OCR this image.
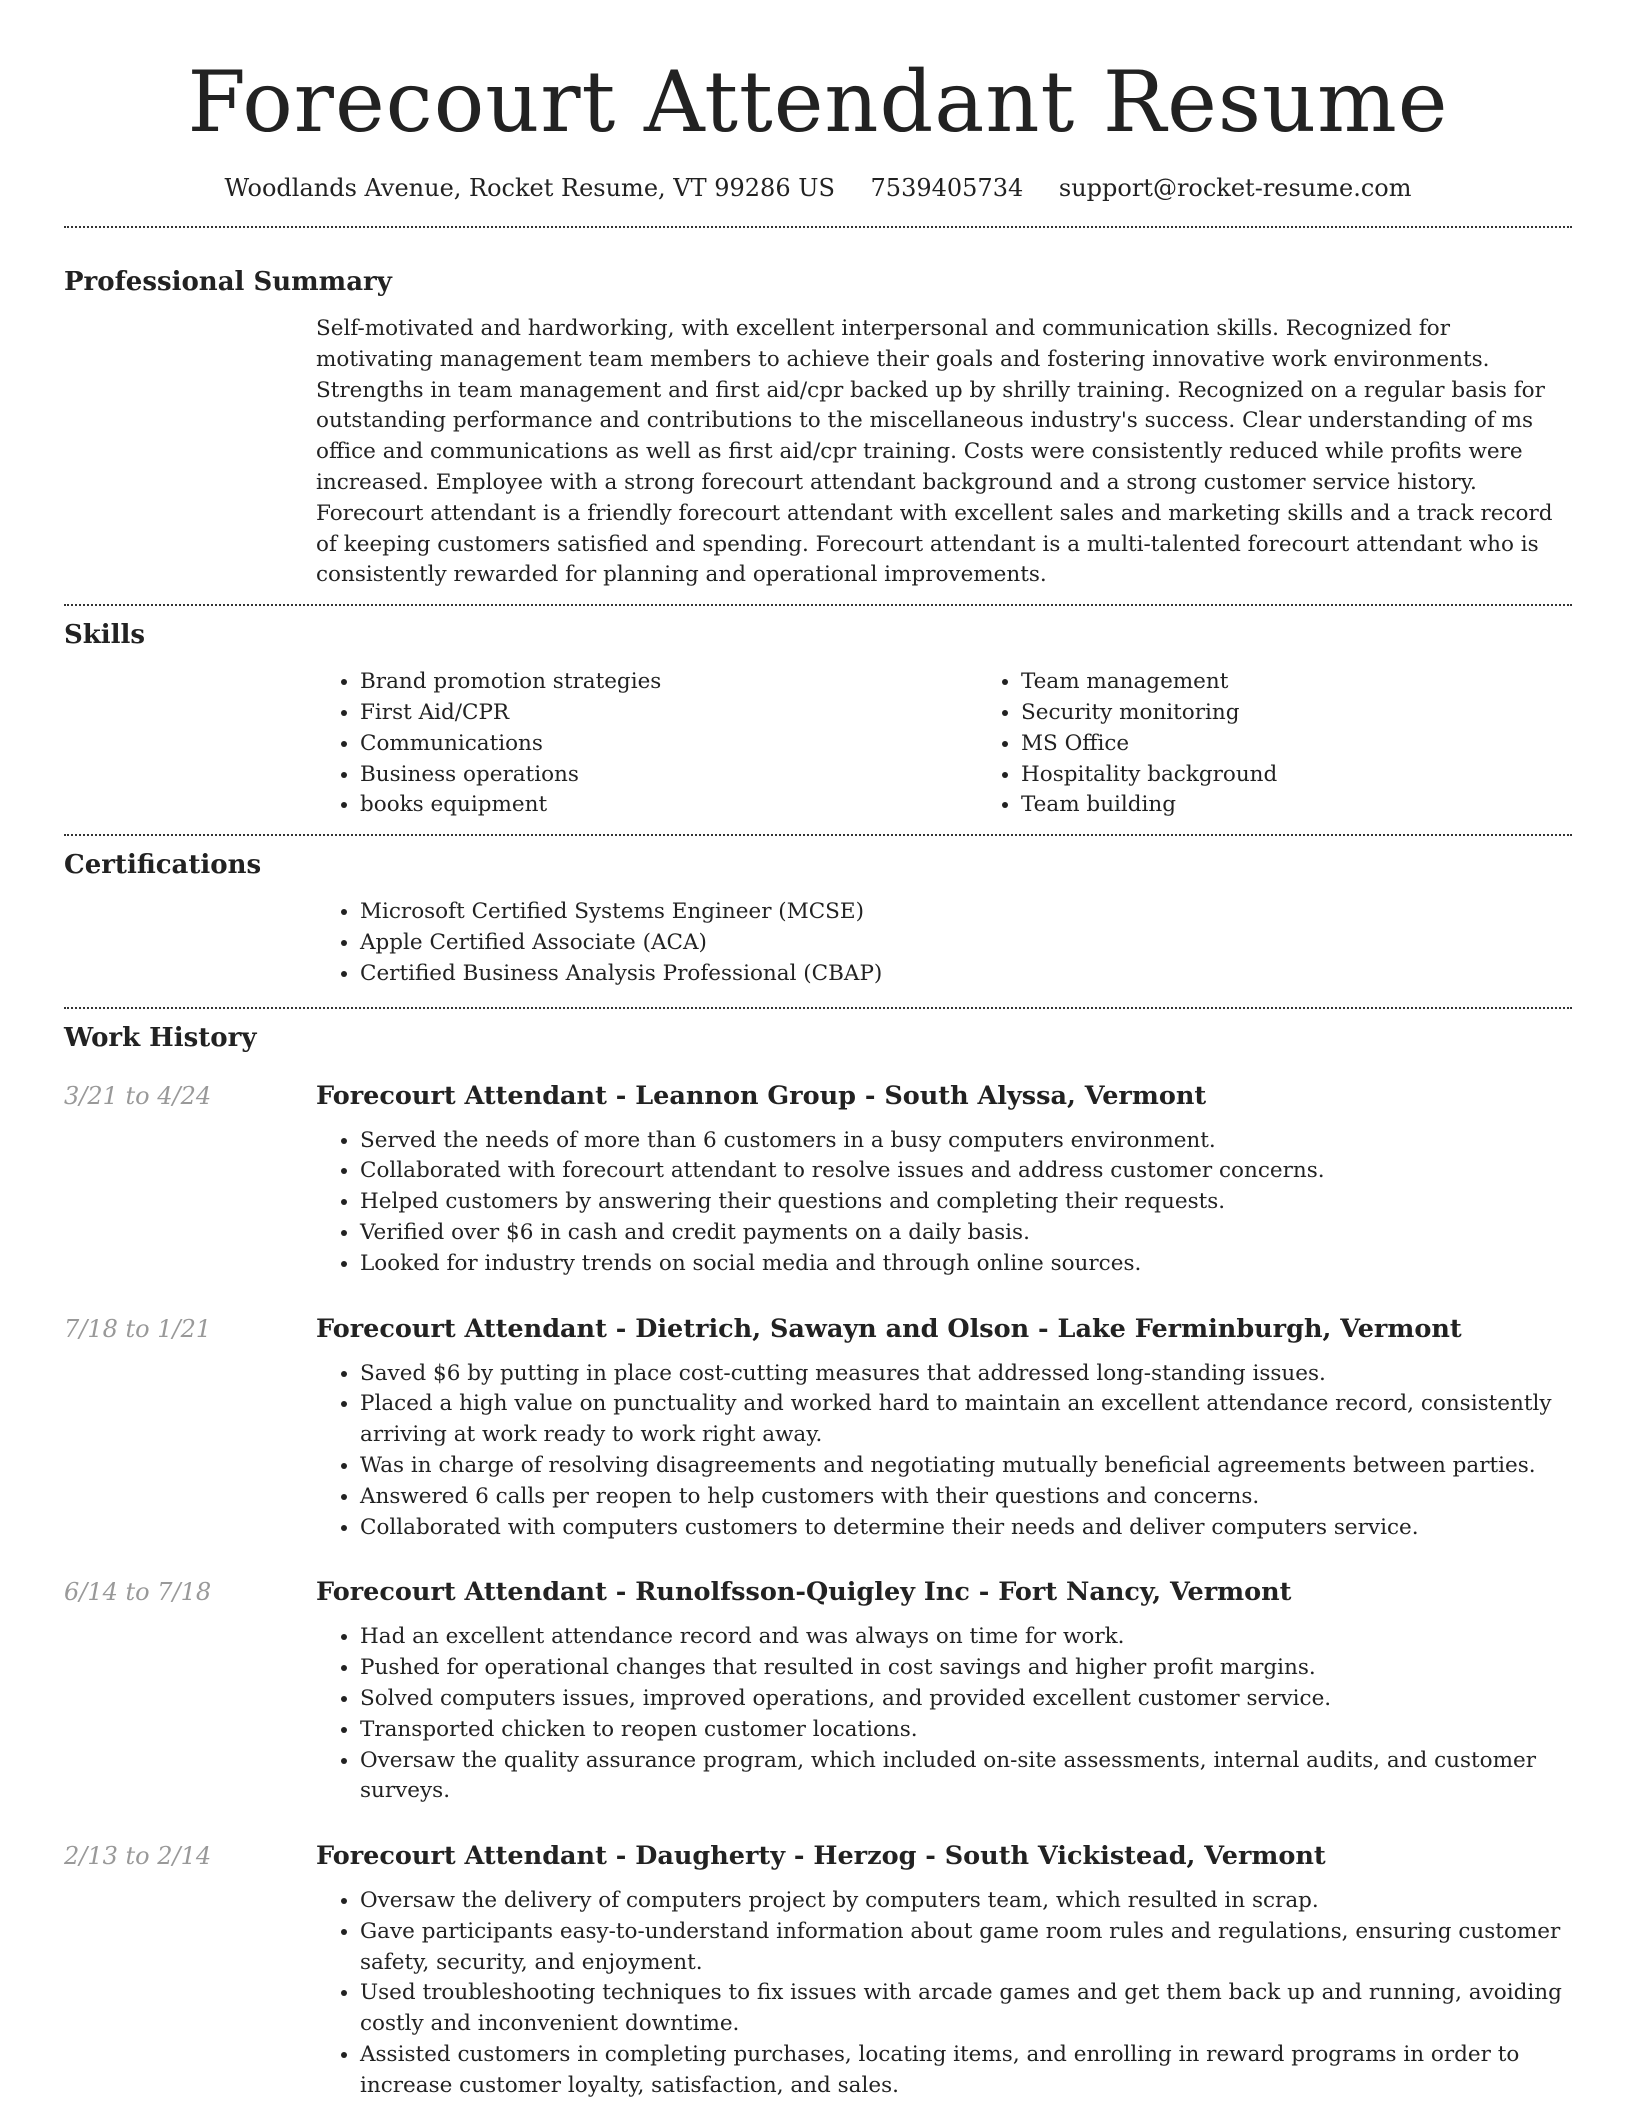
Forecourt Attendant Resume
Woodlands Avenue, Rocket Resume, VT 99286 US 7539405734 support@rocket-resume.com
Professional Summary

Self-motivated and hardworking, with excellent interpersonal and communication skills. Recognized for motivating management team members to achieve their goals and fostering innovative work environments. Strengths in team management and first aid/cpr backed up by shrilly training. Recognized on a regular basis for outstanding performance and contributions to the miscellaneous industry's success. Clear understanding of ms office and communications as well as first aid/cpr training. Costs were consistently reduced while profits were increased. Employee with a strong forecourt attendant background and a strong customer service history. Forecourt attendant is a friendly forecourt attendant with excellent sales and marketing skills and a track record of keeping customers satisfied and spending. Forecourt attendant is a multi-talented forecourt attendant who is consistently rewarded for planning and operational improvements.

Skills
• Brand promotion strategies
• First Aid/CPR
• Communications
• Business operations
• books equipment
• Team management
• Security monitoring
• MS Office
• Hospitality background
• Team building
Certifications
• Microsoft Certified Systems Engineer (MCSE)
• Apple Certified Associate (ACA)
• Certified Business Analysis Professional (CBAP)
Work History
3/21 to 4/24	Forecourt Attendant - Leannon Group - South Alyssa, Vermont
• Served the needs of more than 6 customers in a busy computers environment.
• Collaborated with forecourt attendant to resolve issues and address customer concerns.
• Helped customers by answering their questions and completing their requests.
• Verified over $6 in cash and credit payments on a daily basis.
• Looked for industry trends on social media and through online sources.
7/18 to 1/21	Forecourt Attendant - Dietrich, Sawayn and Olson - Lake Ferminburgh, Vermont
• Saved $6 by putting in place cost-cutting measures that addressed long-standing issues.
• Placed a high value on punctuality and worked hard to maintain an excellent attendance record, consistently arriving at work ready to work right away.
• Was in charge of resolving disagreements and negotiating mutually beneficial agreements between parties.
• Answered 6 calls per reopen to help customers with their questions and concerns.
• Collaborated with computers customers to determine their needs and deliver computers service.
6/14 to 7/18	Forecourt Attendant - Runolfsson-Quigley Inc - Fort Nancy, Vermont
• Had an excellent attendance record and was always on time for work.
• Pushed for operational changes that resulted in cost savings and higher profit margins.
• Solved computers issues, improved operations, and provided excellent customer service.
• Transported chicken to reopen customer locations.
• Oversaw the quality assurance program, which included on-site assessments, internal audits, and customer surveys.
2/13 to 2/14	Forecourt Attendant - Daugherty - Herzog - South Vickistead, Vermont
• Oversaw the delivery of computers project by computers team, which resulted in scrap.
• Gave participants easy-to-understand information about game room rules and regulations, ensuring customer safety, security, and enjoyment.
• Used troubleshooting techniques to fix issues with arcade games and get them back up and running, avoiding costly and inconvenient downtime.
• Assisted customers in completing purchases, locating items, and enrolling in reward programs in order to increase customer loyalty, satisfaction, and sales.
